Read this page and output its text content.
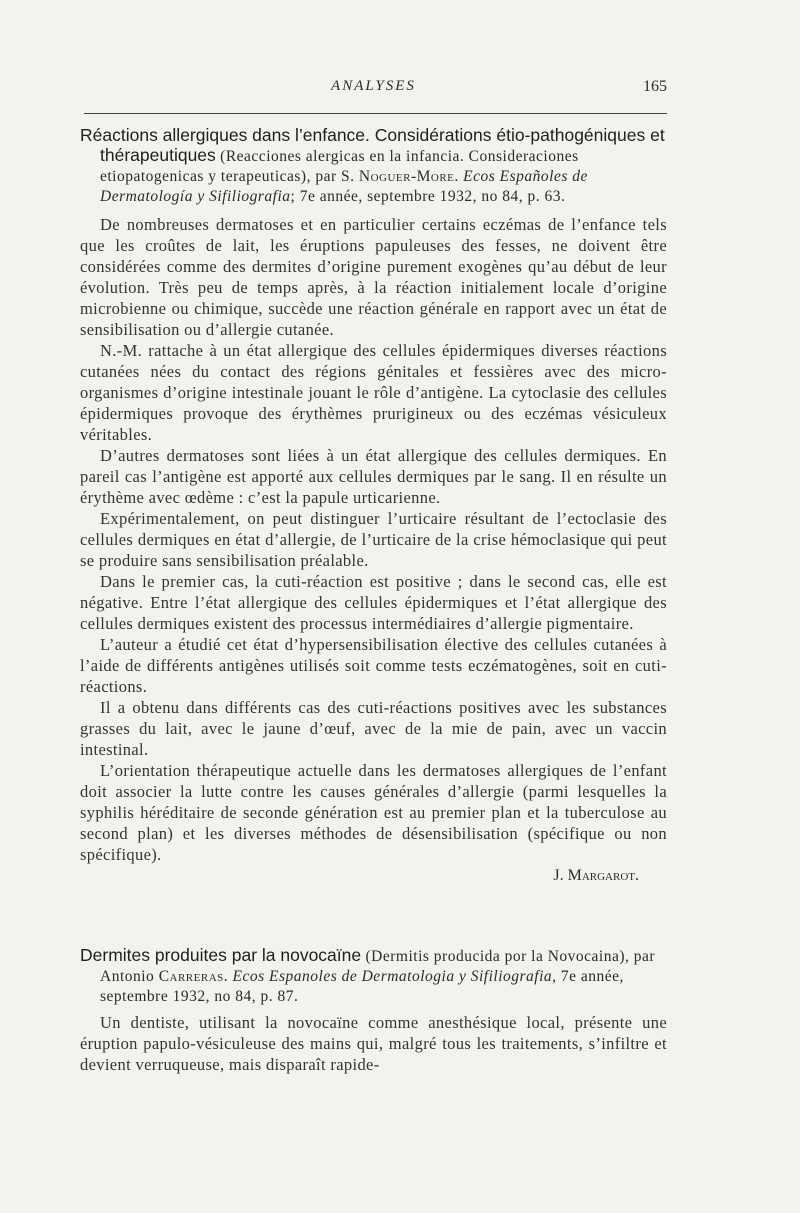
ANALYSES	165
Réactions allergiques dans l’enfance. Considérations étio-pathogéniques et thérapeutiques (Reacciones alergicas en la infancia. Consideraciones etiopatogenicas y terapeuticas), par S. Noguer-More. Ecos Españoles de Dermatología y Sifiliografia; 7e année, septembre 1932, no 84, p. 63.

De nombreuses dermatoses et en particulier certains eczémas de l’enfance tels que les croûtes de lait, les éruptions papuleuses des fesses, ne doivent être considérées comme des dermites d’origine purement exogènes qu’au début de leur évolution. Très peu de temps après, à la réaction initialement locale d’origine microbienne ou chimique, succède une réaction générale en rapport avec un état de sensibilisation ou d’allergie cutanée.

N.-M. rattache à un état allergique des cellules épidermiques diverses réactions cutanées nées du contact des régions génitales et fessières avec des micro-organismes d’origine intestinale jouant le rôle d’antigène. La cytoclasie des cellules épidermiques provoque des érythèmes prurigineux ou des eczémas vésiculeux véritables.

D’autres dermatoses sont liées à un état allergique des cellules dermiques. En pareil cas l’antigène est apporté aux cellules dermiques par le sang. Il en résulte un érythème avec œdème : c’est la papule urticarienne.

Expérimentalement, on peut distinguer l’urticaire résultant de l’ectoclasie des cellules dermiques en état d’allergie, de l’urticaire de la crise hémoclasique qui peut se produire sans sensibilisation préalable.

Dans le premier cas, la cuti-réaction est positive ; dans le second cas, elle est négative. Entre l’état allergique des cellules épidermiques et l’état allergique des cellules dermiques existent des processus intermédiaires d’allergie pigmentaire.

L’auteur a étudié cet état d’hypersensibilisation élective des cellules cutanées à l’aide de différents antigènes utilisés soit comme tests eczématogènes, soit en cuti-réactions.

Il a obtenu dans différents cas des cuti-réactions positives avec les substances grasses du lait, avec le jaune d’œuf, avec de la mie de pain, avec un vaccin intestinal.

L’orientation thérapeutique actuelle dans les dermatoses allergiques de l’enfant doit associer la lutte contre les causes générales d’allergie (parmi lesquelles la syphilis héréditaire de seconde génération est au premier plan et la tuberculose au second plan) et les diverses méthodes de désensibilisation (spécifique ou non spécifique).

J. Margarot.

Dermites produites par la novocaïne (Dermitis producida por la Novocaina), par Antonio Carreras. Ecos Espanoles de Dermatologia y Sifiliografia, 7e année, septembre 1932, no 84, p. 87.

Un dentiste, utilisant la novocaïne comme anesthésique local, présente une éruption papulo-vésiculeuse des mains qui, malgré tous les traitements, s’infiltre et devient verruqueuse, mais disparaît rapide-
